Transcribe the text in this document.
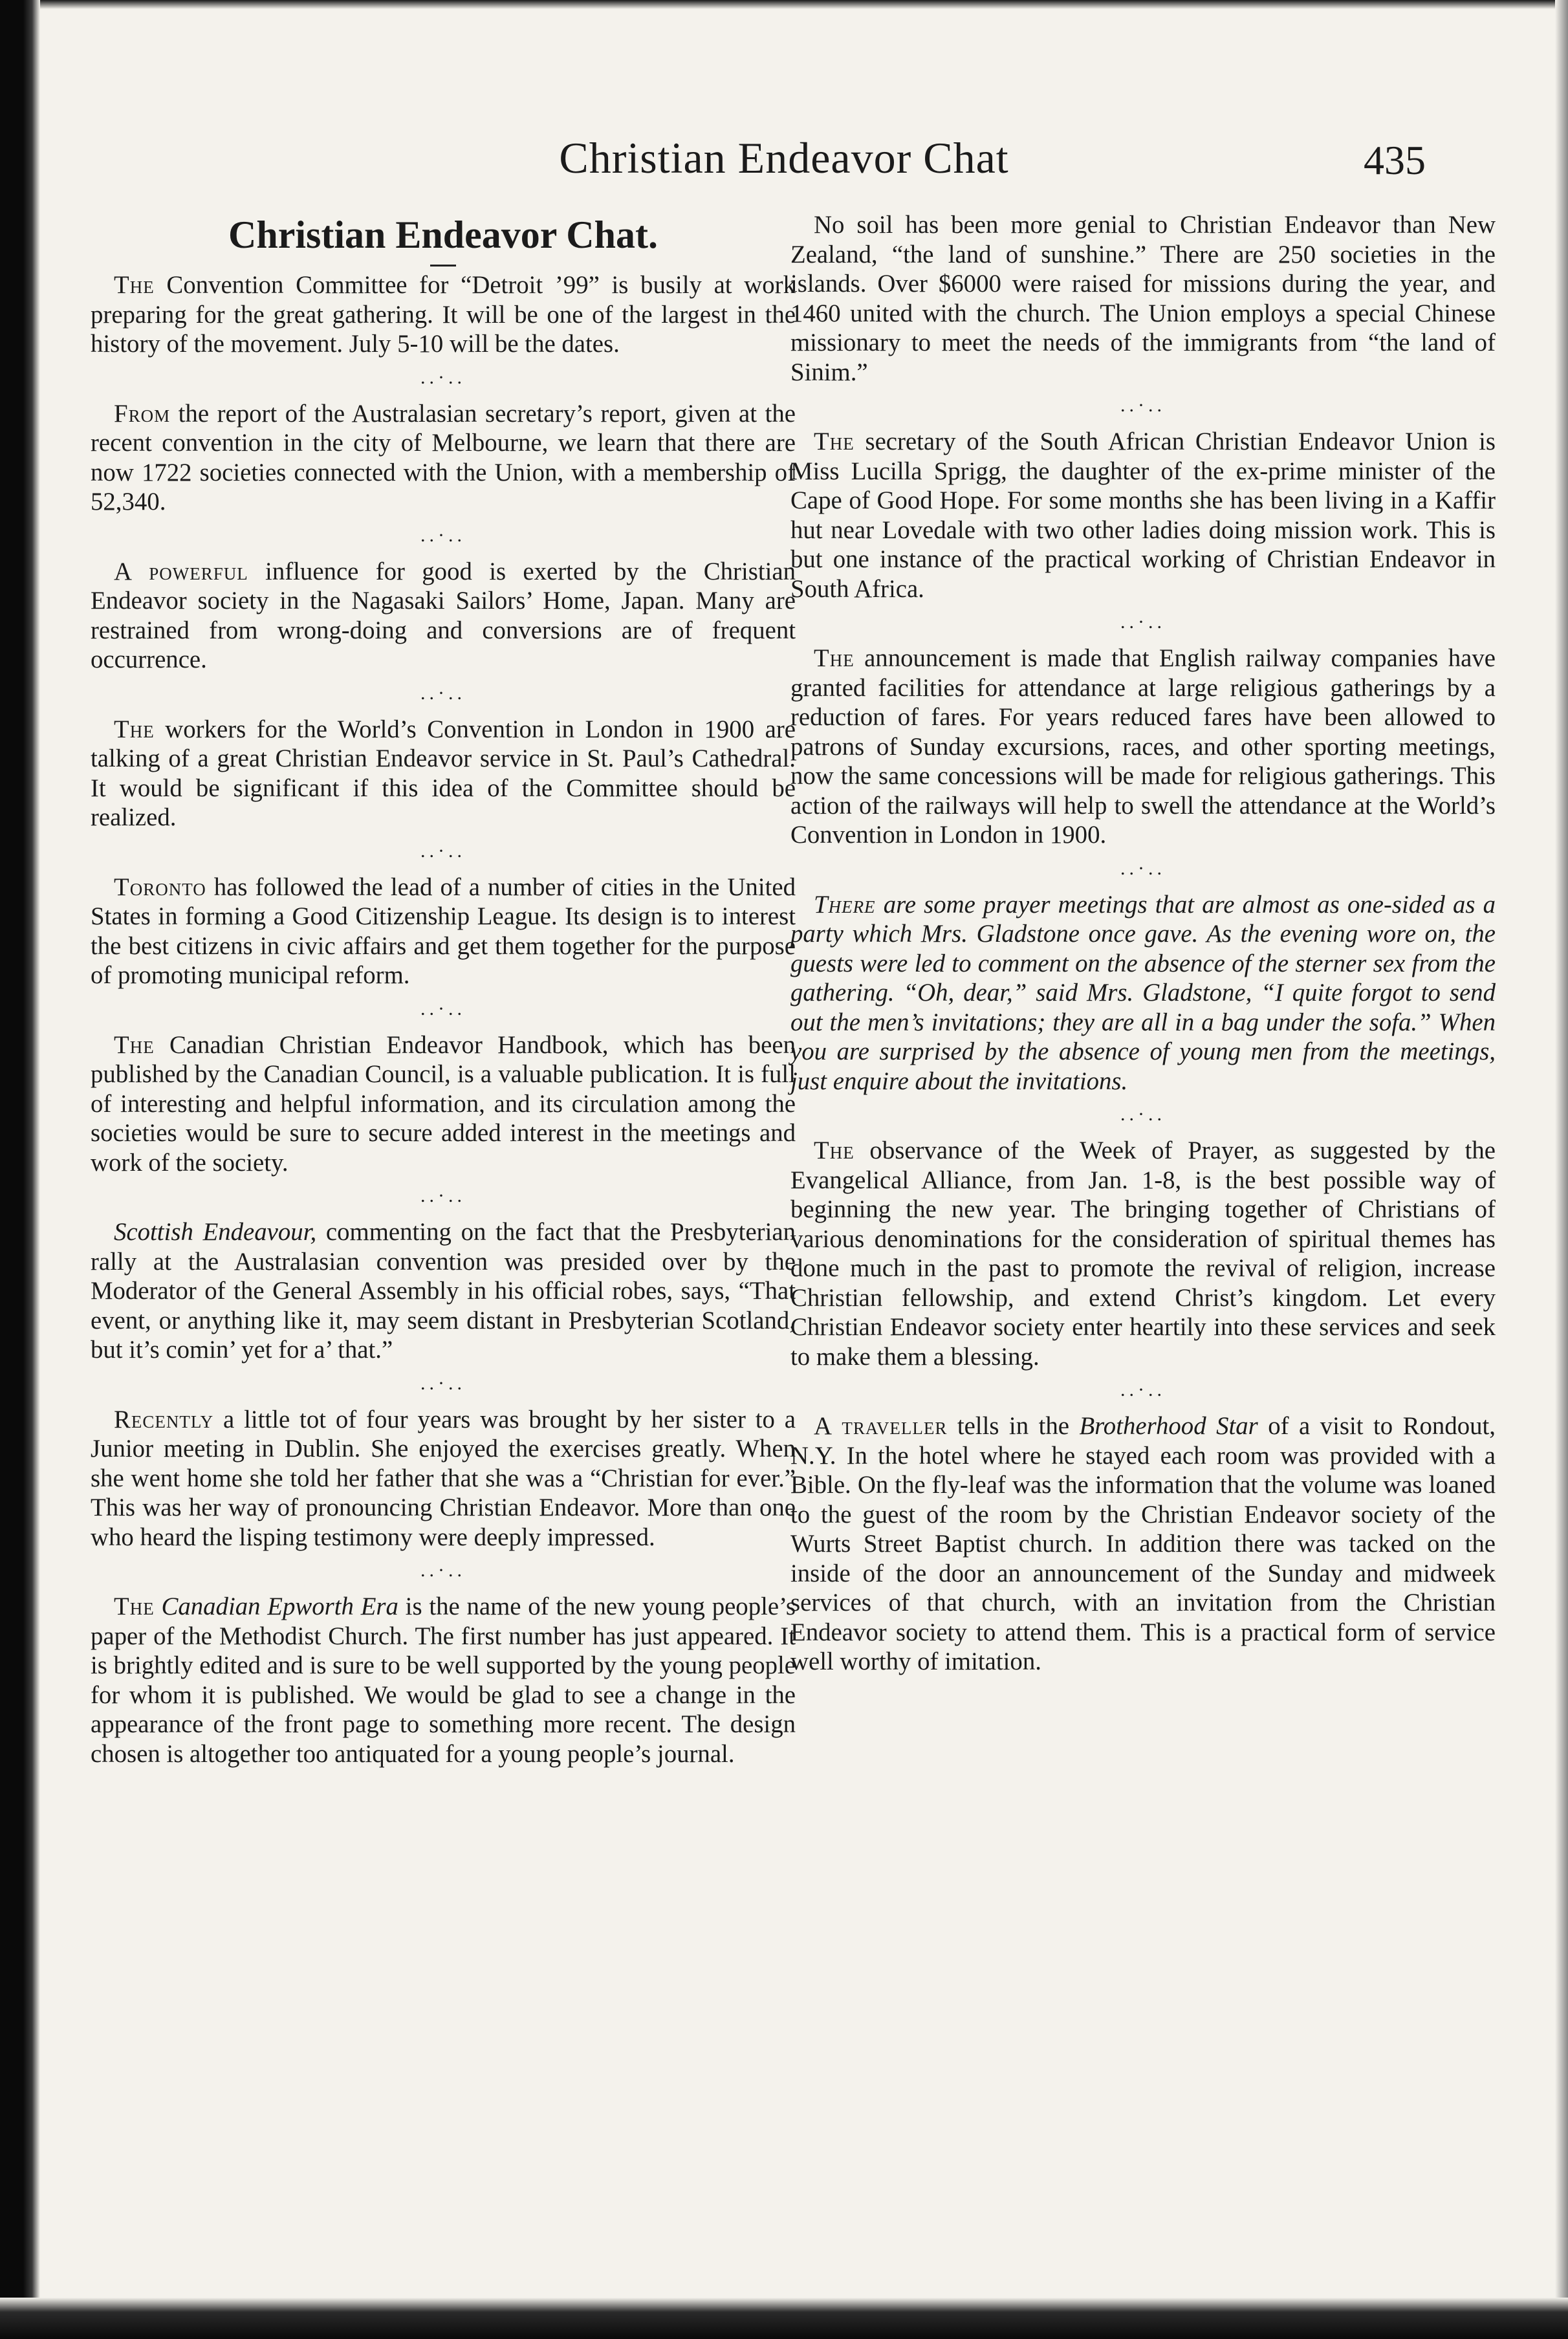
Christian Endeavor Chat	435
Christian Endeavor Chat.

The Convention Committee for “Detroit ’99” is busily at work preparing for the great gathering. It will be one of the largest in the history of the movement. July 5-10 will be the dates.

..·..

From the report of the Australasian secretary’s report, given at the recent convention in the city of Melbourne, we learn that there are now 1722 societies connected with the Union, with a membership of 52,340.

..·..

A powerful influence for good is exerted by the Christian Endeavor society in the Nagasaki Sailors’ Home, Japan. Many are restrained from wrong-doing and conversions are of frequent occurrence.

..·..

The workers for the World’s Convention in London in 1900 are talking of a great Christian Endeavor service in St. Paul’s Cathedral. It would be significant if this idea of the Committee should be realized.

..·..

Toronto has followed the lead of a number of cities in the United States in forming a Good Citizenship League. Its design is to interest the best citizens in civic affairs and get them together for the purpose of promoting municipal reform.

..·..

The Canadian Christian Endeavor Handbook, which has been published by the Canadian Council, is a valuable publication. It is full of interesting and helpful information, and its circulation among the societies would be sure to secure added interest in the meetings and work of the society.

..·..

Scottish Endeavour, commenting on the fact that the Presbyterian rally at the Australasian convention was presided over by the Moderator of the General Assembly in his official robes, says, “That event, or anything like it, may seem distant in Presbyterian Scotland, but it’s comin’ yet for a’ that.”

..·..

Recently a little tot of four years was brought by her sister to a Junior meeting in Dublin. She enjoyed the exercises greatly. When she went home she told her father that she was a “Christian for ever.” This was her way of pronouncing Christian Endeavor. More than one who heard the lisping testimony were deeply impressed.

..·..

The Canadian Epworth Era is the name of the new young people’s paper of the Methodist Church. The first number has just appeared. It is brightly edited and is sure to be well supported by the young people for whom it is published. We would be glad to see a change in the appearance of the front page to something more recent. The design chosen is altogether too antiquated for a young people’s journal.

No soil has been more genial to Christian Endeavor than New Zealand, “the land of sunshine.” There are 250 societies in the islands. Over $6000 were raised for missions during the year, and 1460 united with the church. The Union employs a special Chinese missionary to meet the needs of the immigrants from “the land of Sinim.”

..·..

The secretary of the South African Christian Endeavor Union is Miss Lucilla Sprigg, the daughter of the ex-prime minister of the Cape of Good Hope. For some months she has been living in a Kaffir hut near Lovedale with two other ladies doing mission work. This is but one instance of the practical working of Christian Endeavor in South Africa.

..·..

The announcement is made that English railway companies have granted facilities for attendance at large religious gatherings by a reduction of fares. For years reduced fares have been allowed to patrons of Sunday excursions, races, and other sporting meetings, now the same concessions will be made for religious gatherings. This action of the railways will help to swell the attendance at the World’s Convention in London in 1900.

..·..

There are some prayer meetings that are almost as one-sided as a party which Mrs. Gladstone once gave. As the evening wore on, the guests were led to comment on the absence of the sterner sex from the gathering. “Oh, dear,” said Mrs. Gladstone, “I quite forgot to send out the men’s invitations; they are all in a bag under the sofa.” When you are surprised by the absence of young men from the meetings, just enquire about the invitations.

..·..

The observance of the Week of Prayer, as suggested by the Evangelical Alliance, from Jan. 1-8, is the best possible way of beginning the new year. The bringing together of Christians of various denominations for the consideration of spiritual themes has done much in the past to promote the revival of religion, increase Christian fellowship, and extend Christ’s kingdom. Let every Christian Endeavor society enter heartily into these services and seek to make them a blessing.

..·..

A traveller tells in the Brotherhood Star of a visit to Rondout, N.Y. In the hotel where he stayed each room was provided with a Bible. On the fly-leaf was the information that the volume was loaned to the guest of the room by the Christian Endeavor society of the Wurts Street Baptist church. In addition there was tacked on the inside of the door an announcement of the Sunday and midweek services of that church, with an invitation from the Christian Endeavor society to attend them. This is a practical form of service well worthy of imitation.
